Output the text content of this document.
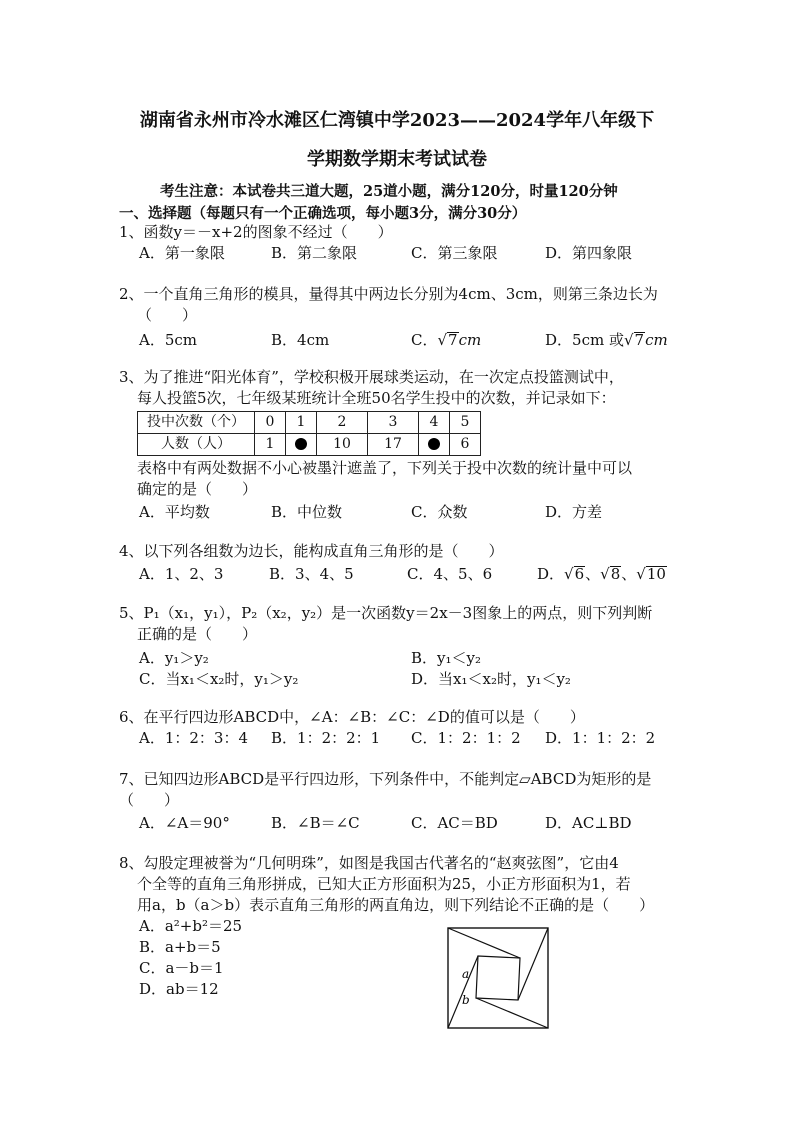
湖南省永州市冷水滩区仁湾镇中学2023——2024学年八年级下
学期数学期末考试试卷
考生注意：本试卷共三道大题，25道小题，满分120分，时量120分钟
一、选择题（每题只有一个正确选项，每小题3分，满分30分）
1、函数y＝－x+2的图象不经过（　　）
A．第一象限	B．第二象限	C．第三象限	D．第四象限
2、一个直角三角形的模具，量得其中两边长分别为4cm、3cm，则第三条边长为
（　　）
A．5cm	B．4cm	C．√7cm	D．5cm 或√7cm
3、为了推进“阳光体育”，学校积极开展球类运动，在一次定点投篮测试中，
每人投篮5次，七年级某班统计全班50名学生投中的次数，并记录如下：
投中次数（个）	0	1	2	3	4	5
人数（人）	1		10	17		6
表格中有两处数据不小心被墨汁遮盖了，下列关于投中次数的统计量中可以
确定的是（　　）
A．平均数	B．中位数	C．众数	D．方差
4、以下列各组数为边长，能构成直角三角形的是（　　）
A．1、2、3	B．3、4、5	C．4、5、6	D．√6、√8、√10
5、P₁（x₁，y₁），P₂（x₂，y₂）是一次函数y＝2x－3图象上的两点，则下列判断
正确的是（　　）
A．y₁＞y₂	B．y₁＜y₂
C．当x₁＜x₂时，y₁＞y₂	D．当x₁＜x₂时，y₁＜y₂
6、在平行四边形ABCD中，∠A：∠B：∠C：∠D的值可以是（　　）
A．1：2：3：4 B．1：2：2：1 C．1：2：1：2 D．1：1：2：2
7、已知四边形ABCD是平行四边形，下列条件中，不能判定▱ABCD为矩形的是
（　　）
A．∠A＝90°	B．∠B＝∠C	C．AC＝BD	D．AC⊥BD
8、勾股定理被誉为“几何明珠”，如图是我国古代著名的“赵爽弦图”，它由4
个全等的直角三角形拼成，已知大正方形面积为25，小正方形面积为1，若
用a，b（a＞b）表示直角三角形的两直角边，则下列结论不正确的是（　　）
A．a²+b²＝25
B．a+b＝5
C．a－b＝1
D．ab＝12
a
b
